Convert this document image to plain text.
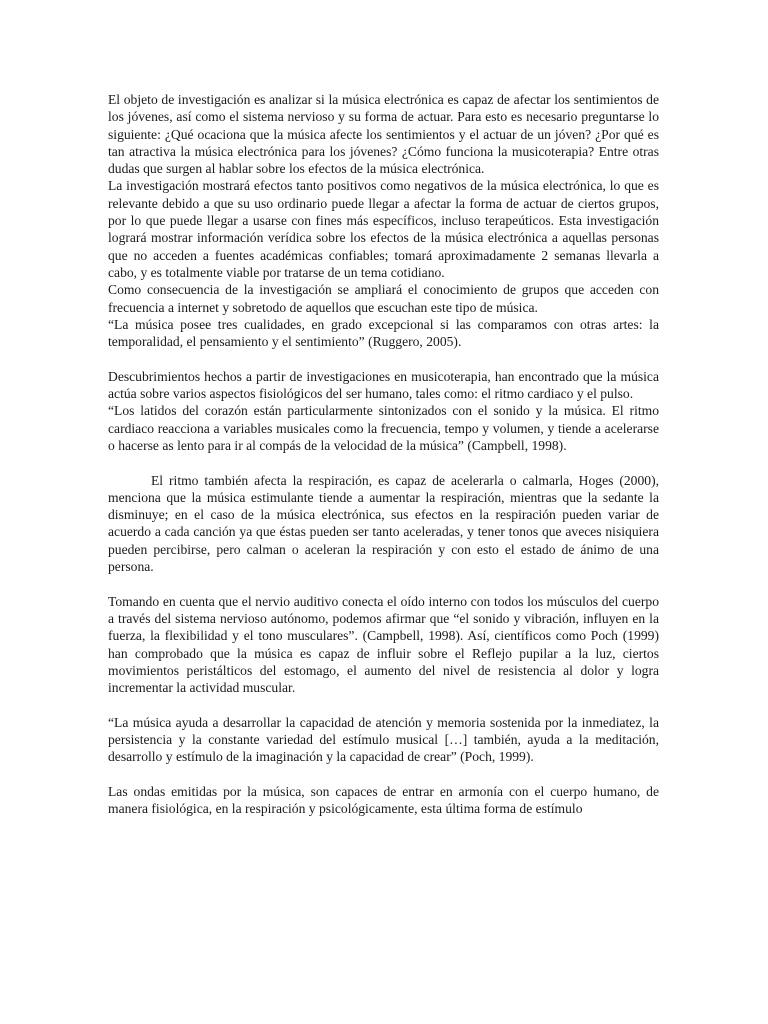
El objeto de investigación es analizar si la música electrónica es capaz de afectar los sentimientos de los jóvenes, así como el sistema nervioso y su forma de actuar. Para esto es necesario preguntarse lo siguiente: ¿Qué ocaciona que la música afecte los sentimientos y el actuar de un jóven? ¿Por qué es tan atractiva la música electrónica para los jóvenes? ¿Cómo funciona la musicoterapia? Entre otras dudas que surgen al hablar sobre los efectos de la música electrónica.

La investigación mostrará efectos tanto positivos como negativos de la música electrónica, lo que es relevante debido a que su uso ordinario puede llegar a afectar la forma de actuar de ciertos grupos, por lo que puede llegar a usarse con fines más específicos, incluso terapeúticos. Esta investigación logrará mostrar información verídica sobre los efectos de la música electrónica a aquellas personas que no acceden a fuentes académicas confiables; tomará aproximadamente 2 semanas llevarla a cabo, y es totalmente viable por tratarse de un tema cotidiano.

Como consecuencia de la investigación se ampliará el conocimiento de grupos que acceden con frecuencia a internet y sobretodo de aquellos que escuchan este tipo de música.

“La música posee tres cualidades, en grado excepcional si las comparamos con otras artes: la temporalidad, el pensamiento y el sentimiento” (Ruggero, 2005).

Descubrimientos hechos a partir de investigaciones en musicoterapia, han encontrado que la música actúa sobre varios aspectos fisiológicos del ser humano, tales como: el ritmo cardiaco y el pulso.

“Los latidos del corazón están particularmente sintonizados con el sonido y la música. El ritmo cardiaco reacciona a variables musicales como la frecuencia, tempo y volumen, y tiende a acelerarse o hacerse as lento para ir al compás de la velocidad de la música” (Campbell, 1998).

El ritmo también afecta la respiración, es capaz de acelerarla o calmarla, Hoges (2000), menciona que la música estimulante tiende a aumentar la respiración, mientras que la sedante la disminuye; en el caso de la música electrónica, sus efectos en la respiración pueden variar de acuerdo a cada canción ya que éstas pueden ser tanto aceleradas, y tener tonos que aveces nisiquiera pueden percibirse, pero calman o aceleran la respiración y con esto el estado de ánimo de una persona.

Tomando en cuenta que el nervio auditivo conecta el oído interno con todos los músculos del cuerpo a través del sistema nervioso autónomo, podemos afirmar que “el sonido y vibración, influyen en la fuerza, la flexibilidad y el tono musculares”. (Campbell, 1998). Así, científicos como Poch (1999) han comprobado que la música es capaz de influir sobre el Reflejo pupilar a la luz, ciertos movimientos peristálticos del estomago, el aumento del nivel de resistencia al dolor y logra incrementar la actividad muscular.

“La música ayuda a desarrollar la capacidad de atención y memoria sostenida por la inmediatez, la persistencia y la constante variedad del estímulo musical […] también, ayuda a la meditación, desarrollo y estímulo de la imaginación y la capacidad de crear” (Poch, 1999).

Las ondas emitidas por la música, son capaces de entrar en armonía con el cuerpo humano, de manera fisiológica, en la respiración y psicológicamente, esta última forma de estímulo
